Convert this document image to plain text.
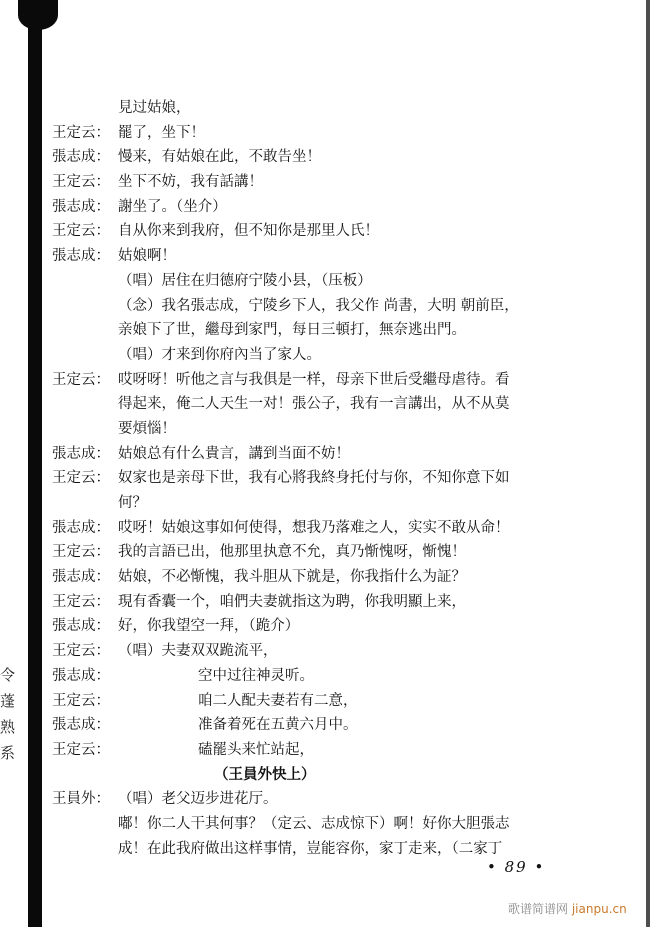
令
蓬
熟
系
見过姑娘，
王定云： 罷了，坐下！
張志成： 慢来，有姑娘在此，不敢告坐！
王定云： 坐下不妨，我有話講！
張志成： 謝坐了。（坐介）
王定云： 自从你来到我府，但不知你是那里人氏！
張志成： 姑娘啊！
（唱）居住在归德府宁陵小县，（压板）
（念）我名張志成，宁陵乡下人，我父作 尚書，大明 朝前臣，
亲娘下了世，繼母到家門，每日三頓打，無奈逃出門。
（唱）才来到你府內当了家人。
王定云： 哎呀呀！听他之言与我俱是一样，母亲下世后受繼母虐待。看
得起来，俺二人天生一对！張公子，我有一言講出，从不从莫
要煩惱！
張志成： 姑娘总有什么貴言，講到当面不妨！
王定云： 奴家也是亲母下世，我有心將我終身托付与你，不知你意下如
何？
張志成： 哎呀！姑娘这事如何使得，想我乃落难之人，实实不敢从命！
王定云： 我的言語已出，他那里执意不允，真乃惭愧呀，惭愧！
張志成： 姑娘，不必惭愧，我斗胆从下就是，你我指什么为証？
王定云： 現有香囊一个，咱們夫妻就指这为聘，你我明顯上来，
張志成： 好，你我望空一拜，（跪介）
王定云： （唱）夫妻双双跪流平，
張志成：	空中过往神灵听。
王定云：	咱二人配夫妻若有二意，
張志成：	准备着死在五黄六月中。
王定云：	磕罷头来忙站起，
（王員外快上）
王員外： （唱）老父迈步进花厅。
嘟！你二人干其何事？（定云、志成惊下）啊！好你大胆張志
成！在此我府做出这样事情，豈能容你，家丁走来，（二家丁
• 89 •
歌谱简谱网 jianpu.cn
